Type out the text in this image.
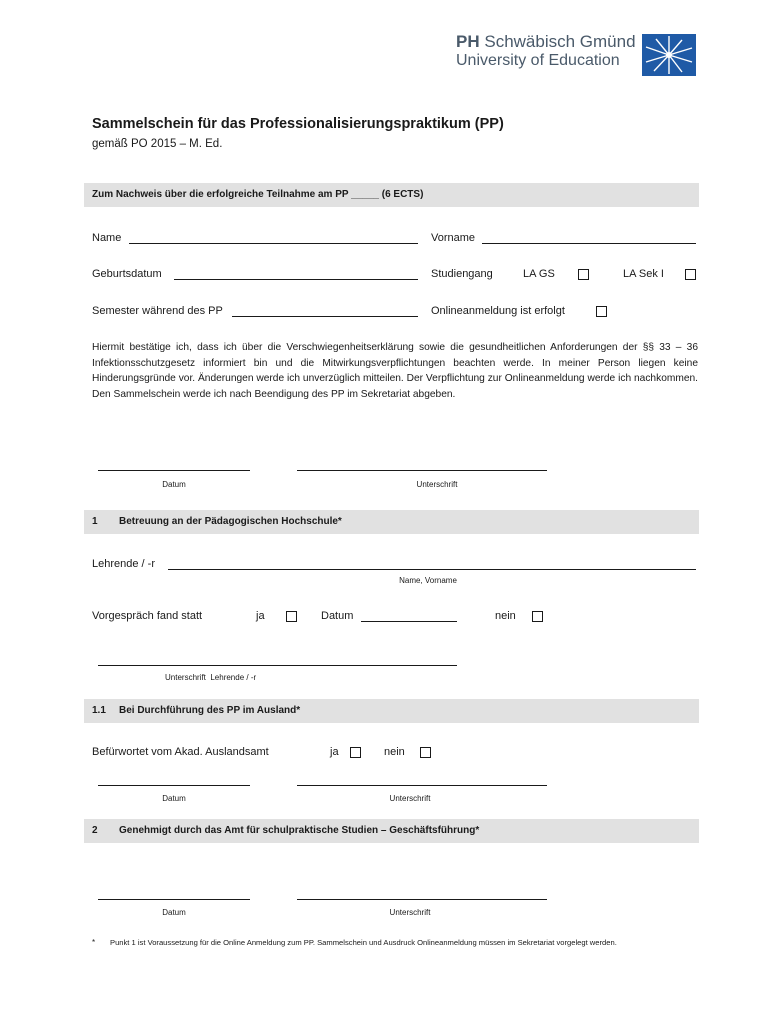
PH Schwäbisch Gmünd
University of Education
Sammelschein für das Professionalisierungspraktikum (PP)
gemäß PO 2015 – M. Ed.
Zum Nachweis über die erfolgreiche Teilnahme am PP _____ (6 ECTS)
Name	Vorname
Geburtsdatum	Studiengang	LA GS	LA Sek I
Semester während des PP	Onlineanmeldung ist erfolgt
Hiermit bestätige ich, dass ich über die Verschwiegenheitserklärung sowie die gesundheitlichen Anforderungen der §§ 33 – 36 Infektionsschutzgesetz informiert bin und die Mitwirkungsverpflichtungen beachten werde. In meiner Person liegen keine Hinderungsgründe vor. Änderungen werde ich unverzüglich mitteilen. Der Verpflichtung zur Onlineanmeldung werde ich nachkommen. Den Sammelschein werde ich nach Beendigung des PP im Sekretariat abgeben.
Datum	Unterschrift
1 Betreuung an der Pädagogischen Hochschule*
Lehrende / -r
Name, Vorname
Vorgespräch fand statt	ja	Datum	nein
Unterschrift  Lehrende / -r
1.1 Bei Durchführung des PP im Ausland*
Befürwortet vom Akad. Auslandsamt	ja	nein
Datum	Unterschrift
2 Genehmigt durch das Amt für schulpraktische Studien – Geschäftsführung*
Datum	Unterschrift
* Punkt 1 ist Voraussetzung für die Online Anmeldung zum PP. Sammelschein und Ausdruck Onlineanmeldung müssen im Sekretariat vorgelegt werden.
